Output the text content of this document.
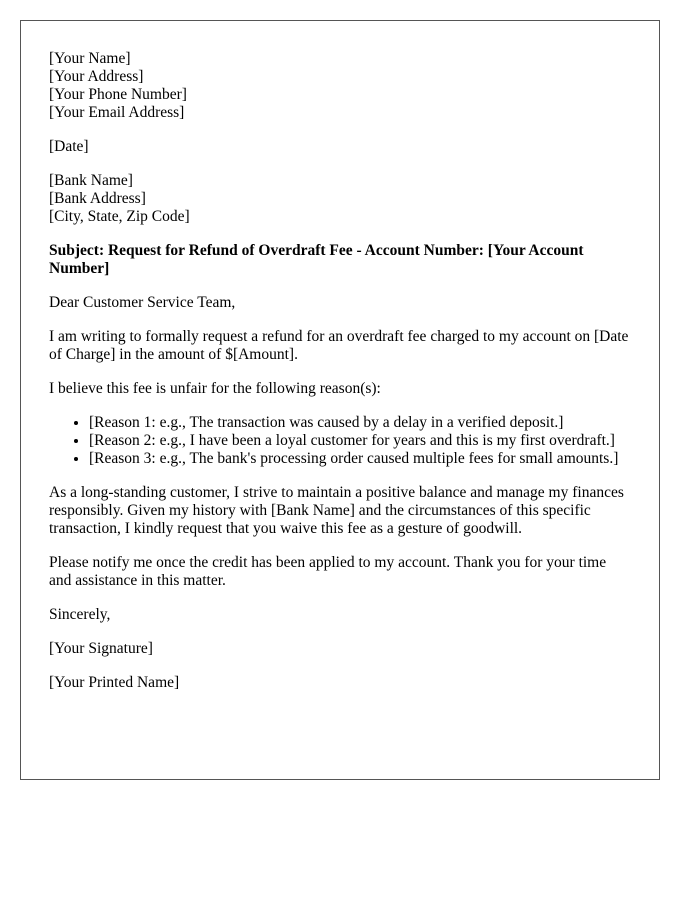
[Your Name]
[Your Address]
[Your Phone Number]
[Your Email Address]
[Date]
[Bank Name]
[Bank Address]
[City, State, Zip Code]
Subject: Request for Refund of Overdraft Fee - Account Number: [Your Account Number]

Dear Customer Service Team,

I am writing to formally request a refund for an overdraft fee charged to my account on [Date of Charge] in the amount of $[Amount].

I believe this fee is unfair for the following reason(s):

• [Reason 1: e.g., The transaction was caused by a delay in a verified deposit.]
• [Reason 2: e.g., I have been a loyal customer for years and this is my first overdraft.]
• [Reason 3: e.g., The bank's processing order caused multiple fees for small amounts.]

As a long-standing customer, I strive to maintain a positive balance and manage my finances responsibly. Given my history with [Bank Name] and the circumstances of this specific transaction, I kindly request that you waive this fee as a gesture of goodwill.

Please notify me once the credit has been applied to my account. Thank you for your time and assistance in this matter.

Sincerely,

[Your Signature]

[Your Printed Name]
